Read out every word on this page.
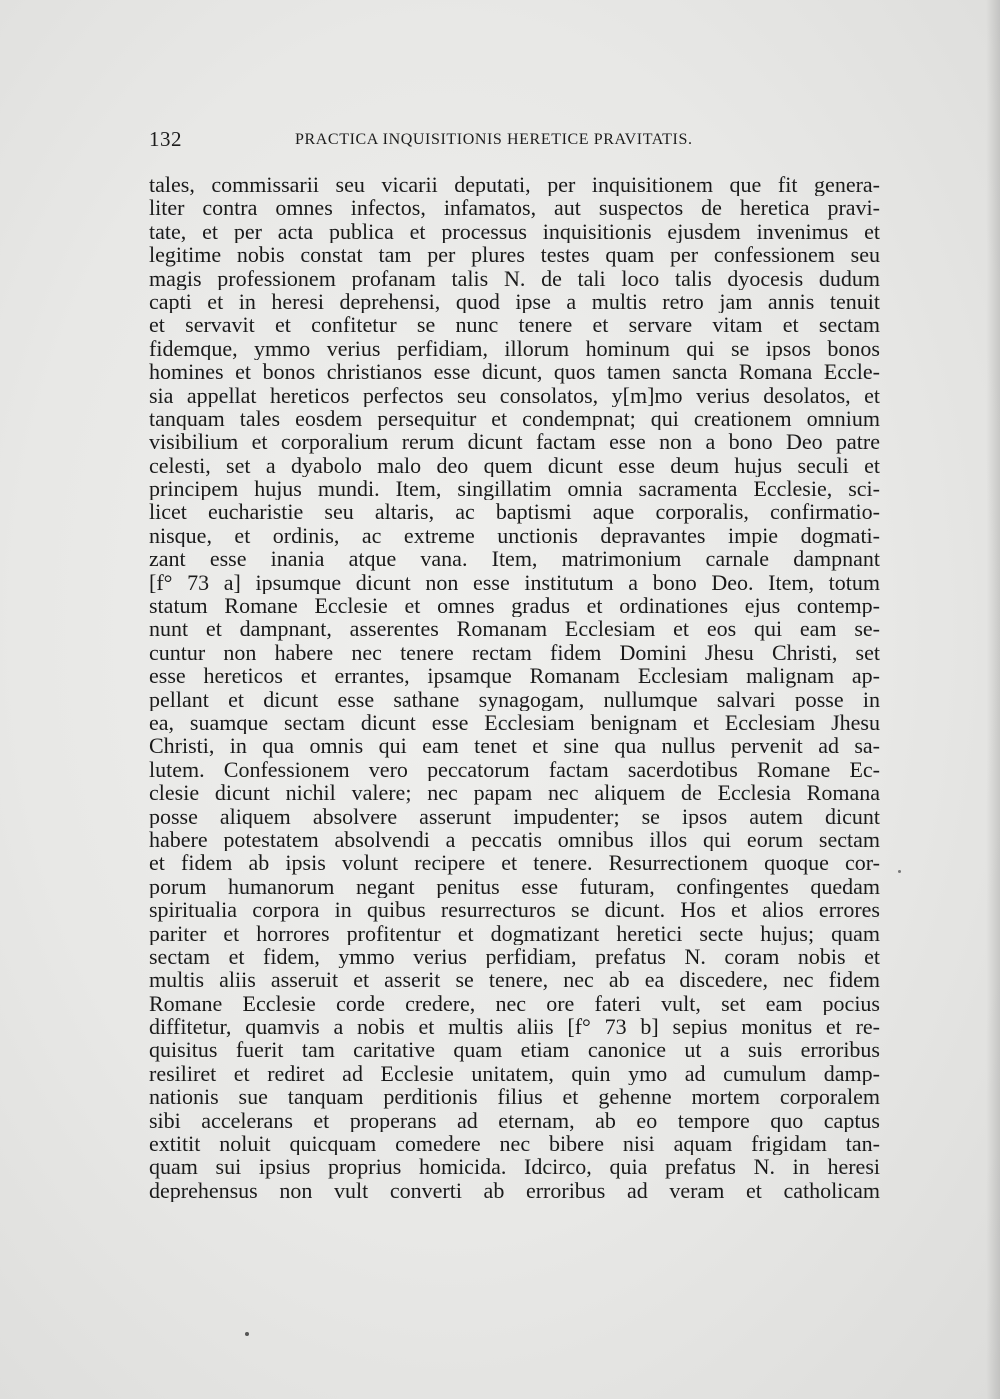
132	PRACTICA INQUISITIONIS HERETICE PRAVITATIS.
tales, commissarii seu vicarii deputati, per inquisitionem que fit genera-
liter contra omnes infectos, infamatos, aut suspectos de heretica pravi-
tate, et per acta publica et processus inquisitionis ejusdem invenimus et
legitime nobis constat tam per plures testes quam per confessionem seu
magis professionem profanam talis N. de tali loco talis dyocesis dudum
capti et in heresi deprehensi, quod ipse a multis retro jam annis tenuit
et servavit et confitetur se nunc tenere et servare vitam et sectam
fidemque, ymmo verius perfidiam, illorum hominum qui se ipsos bonos
homines et bonos christianos esse dicunt, quos tamen sancta Romana Eccle-
sia appellat hereticos perfectos seu consolatos, y[m]mo verius desolatos, et
tanquam tales eosdem persequitur et condempnat; qui creationem omnium
visibilium et corporalium rerum dicunt factam esse non a bono Deo patre
celesti, set a dyabolo malo deo quem dicunt esse deum hujus seculi et
principem hujus mundi. Item, singillatim omnia sacramenta Ecclesie, sci-
licet eucharistie seu altaris, ac baptismi aque corporalis, confirmatio-
nisque, et ordinis, ac extreme unctionis depravantes impie dogmati-
zant esse inania atque vana. Item, matrimonium carnale dampnant
[f° 73 a] ipsumque dicunt non esse institutum a bono Deo. Item, totum
statum Romane Ecclesie et omnes gradus et ordinationes ejus contemp-
nunt et dampnant, asserentes Romanam Ecclesiam et eos qui eam se-
cuntur non habere nec tenere rectam fidem Domini Jhesu Christi, set
esse hereticos et errantes, ipsamque Romanam Ecclesiam malignam ap-
pellant et dicunt esse sathane synagogam, nullumque salvari posse in
ea, suamque sectam dicunt esse Ecclesiam benignam et Ecclesiam Jhesu
Christi, in qua omnis qui eam tenet et sine qua nullus pervenit ad sa-
lutem. Confessionem vero peccatorum factam sacerdotibus Romane Ec-
clesie dicunt nichil valere; nec papam nec aliquem de Ecclesia Romana
posse aliquem absolvere asserunt impudenter; se ipsos autem dicunt
habere potestatem absolvendi a peccatis omnibus illos qui eorum sectam
et fidem ab ipsis volunt recipere et tenere. Resurrectionem quoque cor-
porum humanorum negant penitus esse futuram, confingentes quedam
spiritualia corpora in quibus resurrecturos se dicunt. Hos et alios errores
pariter et horrores profitentur et dogmatizant heretici secte hujus; quam
sectam et fidem, ymmo verius perfidiam, prefatus N. coram nobis et
multis aliis asseruit et asserit se tenere, nec ab ea discedere, nec fidem
Romane Ecclesie corde credere, nec ore fateri vult, set eam pocius
diffitetur, quamvis a nobis et multis aliis [f° 73 b] sepius monitus et re-
quisitus fuerit tam caritative quam etiam canonice ut a suis erroribus
resiliret et rediret ad Ecclesie unitatem, quin ymo ad cumulum damp-
nationis sue tanquam perditionis filius et gehenne mortem corporalem
sibi accelerans et properans ad eternam, ab eo tempore quo captus
extitit noluit quicquam comedere nec bibere nisi aquam frigidam tan-
quam sui ipsius proprius homicida. Idcirco, quia prefatus N. in heresi
deprehensus non vult converti ab erroribus ad veram et catholicam
